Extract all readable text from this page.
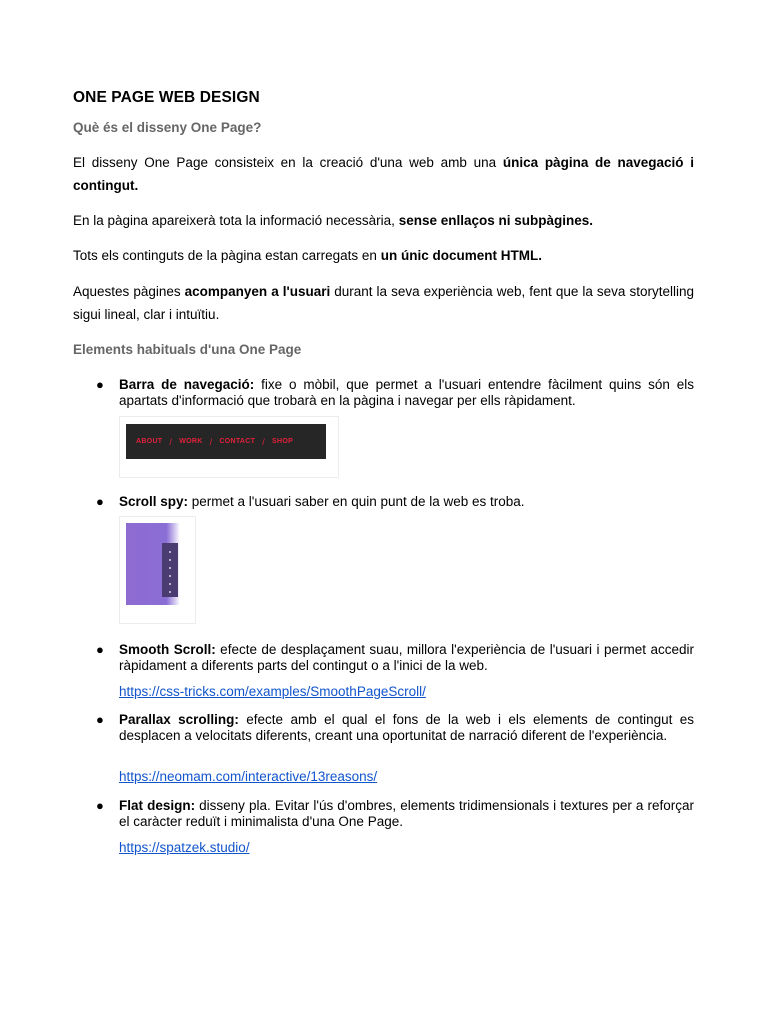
ONE PAGE WEB DESIGN
Què és el disseny One Page?

El disseny One Page consisteix en la creació d'una web amb una única pàgina de navegació i contingut.

En la pàgina apareixerà tota la informació necessària, sense enllaços ni subpàgines.

Tots els continguts de la pàgina estan carregats en un únic document HTML.

Aquestes pàgines acompanyen a l'usuari durant la seva experiència web, fent que la seva storytelling sigui lineal, clar i intuïtiu.

Elements habituals d'una One Page
● Barra de navegació: fixe o mòbil, que permet a l'usuari entendre fàcilment quins són els apartats d'informació que trobarà en la pàgina i navegar per ells ràpidament.
ABOUT / WORK / CONTACT / SHOP
● Scroll spy: permet a l'usuari saber en quin punt de la web es troba.
● Smooth Scroll: efecte de desplaçament suau, millora l'experiència de l'usuari i permet accedir ràpidament a diferents parts del contingut o a l'inici de la web.
https://css-tricks.com/examples/SmoothPageScroll/
● Parallax scrolling: efecte amb el qual el fons de la web i els elements de contingut es desplacen a velocitats diferents, creant una oportunitat de narració diferent de l'experiència.
https://neomam.com/interactive/13reasons/
● Flat design: disseny pla. Evitar l'ús d'ombres, elements tridimensionals i textures per a reforçar el caràcter reduït i minimalista d'una One Page.
https://spatzek.studio/
